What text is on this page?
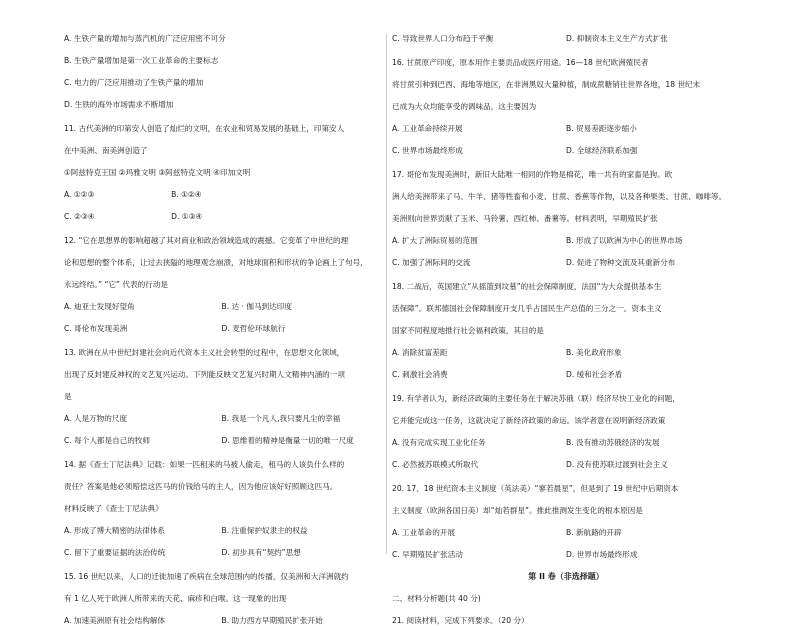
A. 生铁产量的增加与蒸汽机的广泛应用密不可分
B. 生铁产量增加是第一次工业革命的主要标志
C. 电力的广泛应用推动了生铁产量的增加
D. 生铁的海外市场需求不断增加
11. 古代美洲的印第安人创造了灿烂的文明，在农业和贸易发展的基础上，印第安人
在中美洲、南美洲创造了
①阿兹特克王国 ②玛雅文明 ③阿兹特克文明 ④印加文明
A. ①②③	B. ①②④
C. ②③④	D. ①③④
12. “它在思想界的影响超越了其对商业和政治领域造成的震撼。它变革了中世纪的理
论和思想的整个体系，让过去狭隘的地理观念崩溃，对地球面积和形状的争论画上了句号，
永远终结。” “它” 代表的行动是
A. 迪亚士发现好望角	B. 达 · 伽马到达印度
C. 哥伦布发现美洲	D. 麦哲伦环球航行
13. 欧洲在从中世纪封建社会向近代资本主义社会转型的过程中，在思想文化领域，
出现了反封建反神权的文艺复兴运动。下列能反映文艺复兴时期人文精神内涵的一项
是
A. 人是万物的尺度	B. 我是一个凡人,我只要凡尘的幸福
C. 每个人都是自己的牧师	D. 思维着的精神是衡量一切的唯一尺度
14. 据《查士丁尼法典》记载：如果一匹租来的马被人偷走，租马的人该负什么样的
责任？答案是他必须赔偿这匹马的价钱给马的主人，因为他应该好好照顾这匹马。
材料反映了《查士丁尼法典》
A. 形成了博大精密的法律体系	B. 注重保护奴隶主的权益
C. 留下了重要证据的法治传统	D. 初步具有“契约”思想
15. 16 世纪以来，人口的迁徙加速了疾病在全球范围内的传播，仅美洲和大洋洲就约
有 1 亿人死于欧洲人所带来的天花、麻疹和白喉。这一现象的出现
A. 加速美洲原有社会结构解体	B. 助力西方早期殖民扩张开始
C. 导致世界人口分布趋于平衡	D. 抑制资本主义生产方式扩张
16. 甘蔗原产印度，原本用作主要贡品或医疗用途。16—18 世纪欧洲殖民者
将甘蔗引种到巴西、海地等地区，在非洲黑奴大量种植，制成蔗糖销往世界各地，18 世纪末
已成为大众均能享受的调味品，这主要因为
A. 工业革命持续开展	B. 贸易差距逐步缩小
C. 世界市场最终形成	D. 全球经济联系加强
17. 哥伦布发现美洲时，新旧大陆唯一相同的作物是棉花，唯一共有的家畜是狗。欧
洲人给美洲带来了马、牛羊、猪等牲畜和小麦、甘蔗、香蕉等作物，以及各种果类、甘蔗、咖啡等。
美洲则向世界贡献了玉米、马铃薯、西红柿、番薯等。材料表明，早期殖民扩张
A. 扩大了洲际贸易的范围	B. 形成了以欧洲为中心的世界市场
C. 加强了洲际间的交流	D. 促进了物种交流及其重新分布
18. 二战后，英国建立“从摇篮到坟墓”的社会保障制度，法国“为大众提供基本生
活保障”。联邦德国社会保障制度开支几乎占国民生产总值的三分之一。资本主义
国家不同程度地推行社会福利政策，其目的是
A. 消除贫富差距	B. 美化政府形象
C. 刺激社会消费	D. 缓和社会矛盾
19. 有学者认为，新经济政策的主要任务在于解决苏俄（联）经济尽快工业化的问题，
它并能完成这一任务，这就决定了新经济政策的命运。该学者意在说明新经济政策
A. 没有完成实现工业化任务	B. 没有推动苏俄经济的发展
C. 必然被苏联模式所取代	D. 没有使苏联过渡到社会主义
20. 17、18 世纪资本主义制度（英法美）“寥若晨星”，但是到了 19 世纪中后期资本
主义制度（欧洲各国日美）却“灿若群星”。推此推测发生变化的根本原因是
A. 工业革命的开展	B. 新航路的开辟
C. 早期殖民扩张活动	D. 世界市场最终形成
第 II 卷（非选择题）
二、材料分析题(共 40 分)
21. 阅读材料，完成下列要求。（20 分）
